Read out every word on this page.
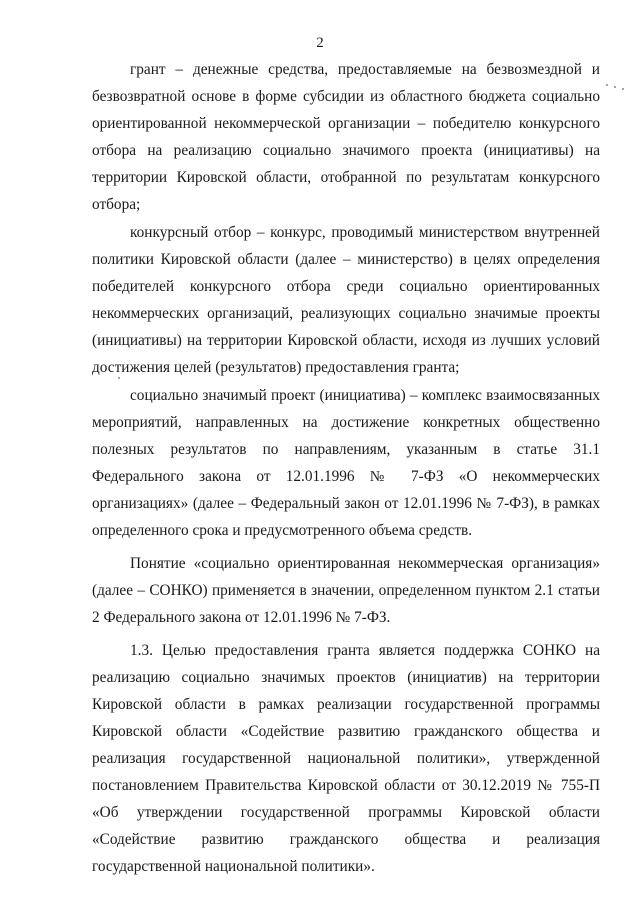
2

грант – денежные средства, предоставляемые на безвозмездной и безвозвратной основе в форме субсидии из областного бюджета социально ориентированной некоммерческой организации – победителю конкурсного отбора на реализацию социально значимого проекта (инициативы) на территории Кировской области, отобранной по результатам конкурсного отбора;

конкурсный отбор – конкурс, проводимый министерством внутренней политики Кировской области (далее – министерство) в целях определения победителей конкурсного отбора среди социально ориентированных некоммерческих организаций, реализующих социально значимые проекты (инициативы) на территории Кировской области, исходя из лучших условий достижения целей (результатов) предоставления гранта;

социально значимый проект (инициатива) – комплекс взаимосвязанных мероприятий, направленных на достижение конкретных общественно полезных результатов по направлениям, указанным в статье 31.1 Федерального закона от 12.01.1996 № 7-ФЗ «О некоммерческих организациях» (далее – Федеральный закон от 12.01.1996 № 7-ФЗ), в рамках определенного срока и предусмотренного объема средств.

Понятие «социально ориентированная некоммерческая организация» (далее – СОНКО) применяется в значении, определенном пунктом 2.1 статьи 2 Федерального закона от 12.01.1996 № 7-ФЗ.

1.3. Целью предоставления гранта является поддержка СОНКО на реализацию социально значимых проектов (инициатив) на территории Кировской области в рамках реализации государственной программы Кировской области «Содействие развитию гражданского общества и реализация государственной национальной политики», утвержденной постановлением Правительства Кировской области от 30.12.2019 № 755-П «Об утверждении государственной программы Кировской области «Содействие развитию гражданского общества и реализация государственной национальной политики».
